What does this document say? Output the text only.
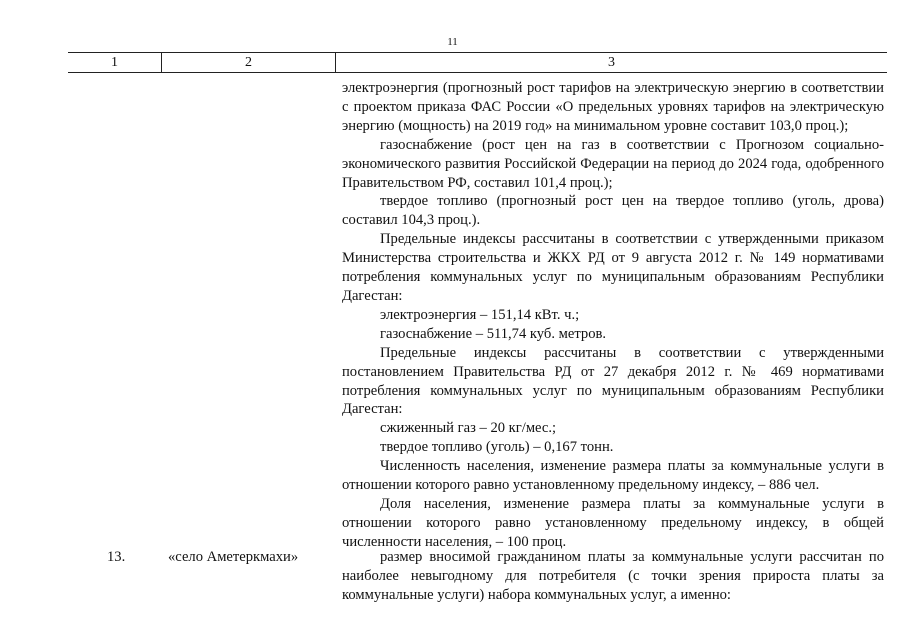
11
1	2	3

электроэнергия (прогнозный рост тарифов на электрическую энергию в соответствии с проектом приказа ФАС России «О предельных уровнях тарифов на электрическую энергию (мощность) на 2019 год» на минимальном уровне составит 103,0 проц.);

газоснабжение (рост цен на газ в соответствии с Прогнозом социально-экономического развития Российской Федерации на период до 2024 года, одобренного Правительством РФ, составил 101,4 проц.);

твердое топливо (прогнозный рост цен на твердое топливо (уголь, дрова) составил 104,3 проц.).

Предельные индексы рассчитаны в соответствии с утвержденными приказом Министерства строительства и ЖКХ РД от 9 августа 2012 г. № 149 нормативами потребления коммунальных услуг по муниципальным образованиям Республики Дагестан:

электроэнергия – 151,14 кВт. ч.;

газоснабжение – 511,74 куб. метров.

Предельные индексы рассчитаны в соответствии с утвержденными постановлением Правительства РД от 27 декабря 2012 г. № 469 нормативами потребления коммунальных услуг по муниципальным образованиям Республики Дагестан:

сжиженный газ – 20 кг/мес.;

твердое топливо (уголь) – 0,167 тонн.

Численность населения, изменение размера платы за коммунальные услуги в отношении которого равно установленному предельному индексу, – 886 чел.

Доля населения, изменение размера платы за коммунальные услуги в отношении которого равно установленному предельному индексу, в общей численности населения, – 100 проц.

13.	«село Аметеркмахи»	размер вносимой гражданином платы за коммунальные услуги рассчитан по наиболее невыгодному для потребителя (с точки зрения прироста платы за коммунальные услуги) набора коммунальных услуг, а именно:
